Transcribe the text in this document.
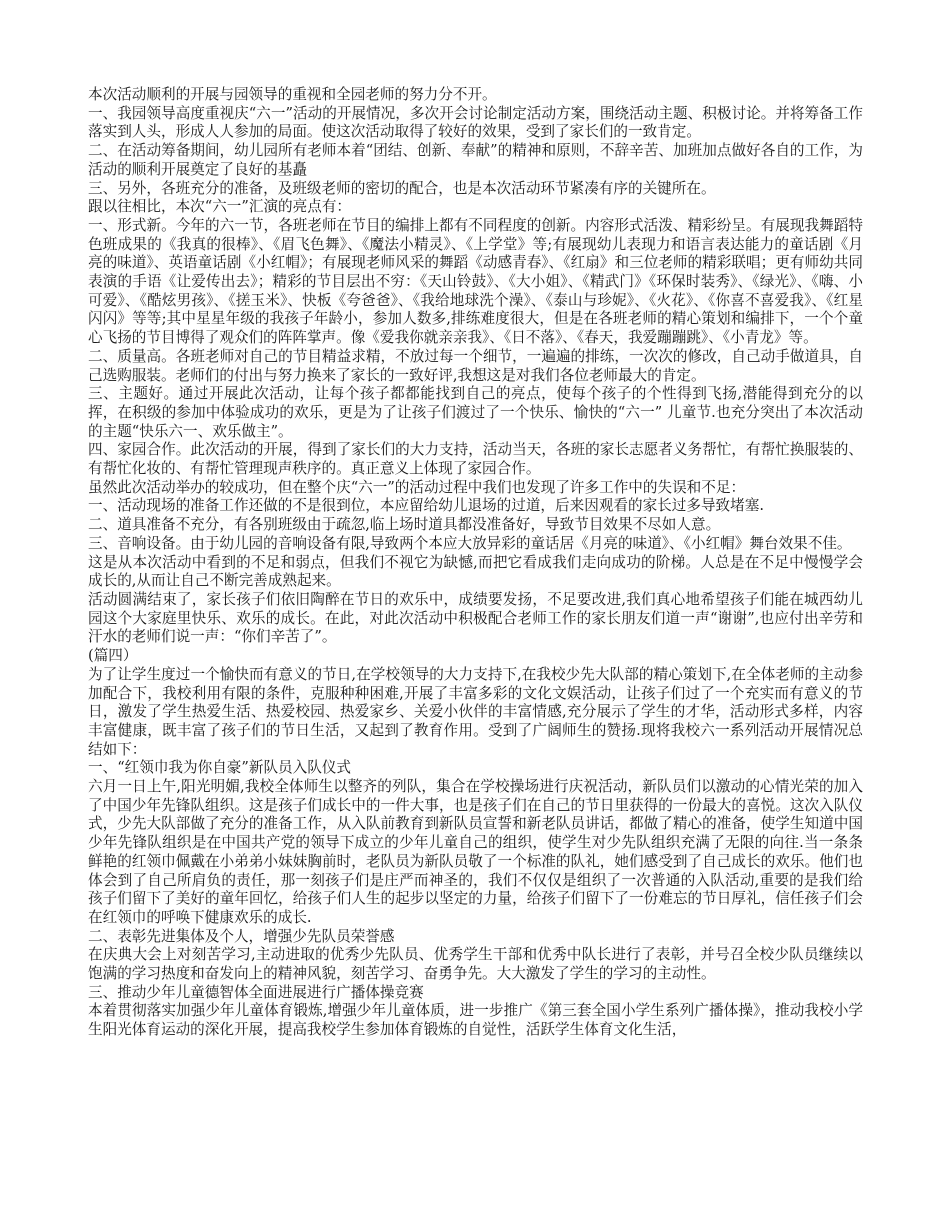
本次活动顺利的开展与园领导的重视和全园老师的努力分不开。

一、我园领导高度重视庆“六一”活动的开展情况，多次开会讨论制定活动方案，围绕活动主题、积极讨论。并将筹备工作落实到人头，形成人人参加的局面。使这次活动取得了较好的效果，受到了家长们的一致肯定。

二、在活动筹备期间，幼儿园所有老师本着“团结、创新、奉献”的精神和原则，不辞辛苦、加班加点做好各自的工作，为活动的顺利开展奠定了良好的基矗

三、另外，各班充分的准备，及班级老师的密切的配合，也是本次活动环节紧凑有序的关键所在。

跟以往相比，本次“六一”汇演的亮点有：

一、形式新。今年的六一节，各班老师在节目的编排上都有不同程度的创新。内容形式活泼、精彩纷呈。有展现我舞蹈特色班成果的《我真的很棒》、《眉飞色舞》、《魔法小精灵》、《上学堂》等;有展现幼儿表现力和语言表达能力的童话剧《月亮的味道》、英语童话剧《小红帽》；有展现老师风采的舞蹈《动感青春》、《红扇》和三位老师的精彩联唱；更有师幼共同表演的手语《让爱传出去》；精彩的节目层出不穷：《天山铃鼓》、《大小姐》、《精武门》《环保时装秀》、《绿光》、《嗨、小可爱》、《酷炫男孩》、《搓玉米》、快板《夸爸爸》、《我给地球洗个澡》、《泰山与珍妮》、《火花》、《你喜不喜爱我》、《红星闪闪》等等;其中星星年级的我孩子年龄小，参加人数多,排练难度很大，但是在各班老师的精心策划和编排下，一个个童心飞扬的节目博得了观众们的阵阵掌声。像《爱我你就亲亲我》、《日不落》、《春天，我爱蹦蹦跳》、《小青龙》等。

二、质量高。各班老师对自己的节目精益求精，不放过每一个细节，一遍遍的排练，一次次的修改，自己动手做道具，自己选购服装。老师们的付出与努力换来了家长的一致好评,我想这是对我们各位老师最大的肯定。

三、主题好。通过开展此次活动，让每个孩子都都能找到自己的亮点，使每个孩子的个性得到飞扬,潜能得到充分的以挥，在积级的参加中体验成功的欢乐，更是为了让孩子们渡过了一个快乐、愉快的“六一” 儿童节.也充分突出了本次活动的主题“快乐六一、欢乐做主”。

四、家园合作。此次活动的开展，得到了家长们的大力支持，活动当天，各班的家长志愿者义务帮忙，有帮忙换服装的、有帮忙化妆的、有帮忙管理现声秩序的。真正意义上体现了家园合作。

虽然此次活动举办的较成功，但在整个庆“六一”的活动过程中我们也发现了许多工作中的失误和不足：

一、活动现场的准备工作还做的不是很到位，本应留给幼儿退场的过道，后来因观看的家长过多导致堵塞.

二、道具准备不充分，有各别班级由于疏忽,临上场时道具都没准备好，导致节目效果不尽如人意。

三、音响设备。由于幼儿园的音响设备有限,导致两个本应大放异彩的童话居《月亮的味道》、《小红帽》舞台效果不佳。

这是从本次活动中看到的不足和弱点，但我们不视它为缺憾,而把它看成我们走向成功的阶梯。人总是在不足中慢慢学会成长的,从而让自己不断完善成熟起来。

活动圆满结束了，家长孩子们依旧陶醉在节日的欢乐中，成绩要发扬，不足要改进,我们真心地希望孩子们能在城西幼儿园这个大家庭里快乐、欢乐的成长。在此，对此次活动中积极配合老师工作的家长朋友们道一声“谢谢”,也应付出辛劳和汗水的老师们说一声：“你们辛苦了”。

(篇四）

为了让学生度过一个愉快而有意义的节日,在学校领导的大力支持下,在我校少先大队部的精心策划下,在全体老师的主动参加配合下，我校利用有限的条件，克服种种困难,开展了丰富多彩的文化文娱活动，让孩子们过了一个充实而有意义的节日，激发了学生热爱生活、热爱校园、热爱家乡、关爱小伙伴的丰富情感,充分展示了学生的才华，活动形式多样，内容丰富健康，既丰富了孩子们的节日生活，又起到了教育作用。受到了广阔师生的赞扬.现将我校六一系列活动开展情况总结如下：

一、“红领巾我为你自豪”新队员入队仪式

六月一日上午,阳光明媚,我校全体师生以整齐的列队，集合在学校操场进行庆祝活动，新队员们以激动的心情光荣的加入了中国少年先锋队组织。这是孩子们成长中的一件大事，也是孩子们在自己的节日里获得的一份最大的喜悦。这次入队仪式，少先大队部做了充分的准备工作，从入队前教育到新队员宣誓和新老队员讲话，都做了精心的准备，使学生知道中国少年先锋队组织是在中国共产党的领导下成立的少年儿童自己的组织，使学生对少先队组织充满了无限的向往.当一条条鲜艳的红领巾佩戴在小弟弟小妹妹胸前时，老队员为新队员敬了一个标准的队礼，她们感受到了自己成长的欢乐。他们也体会到了自己所肩负的责任，那一刻孩子们是庄严而神圣的，我们不仅仅是组织了一次普通的入队活动,重要的是我们给孩子们留下了美好的童年回忆，给孩子们人生的起步以坚定的力量，给孩子们留下了一份难忘的节日厚礼，信任孩子们会在红领巾的呼唤下健康欢乐的成长.

二、表彰先进集体及个人，增强少先队员荣誉感

在庆典大会上对刻苦学习,主动进取的优秀少先队员、优秀学生干部和优秀中队长进行了表彰，并号召全校少队员继续以饱满的学习热度和奋发向上的精神风貌，刻苦学习、奋勇争先。大大激发了学生的学习的主动性。

三、推动少年儿童德智体全面进展进行广播体操竞赛

本着贯彻落实加强少年儿童体育锻炼,增强少年儿童体质，进一步推广《第三套全国小学生系列广播体操》，推动我校小学生阳光体育运动的深化开展，提高我校学生参加体育锻炼的自觉性，活跃学生体育文化生活，
